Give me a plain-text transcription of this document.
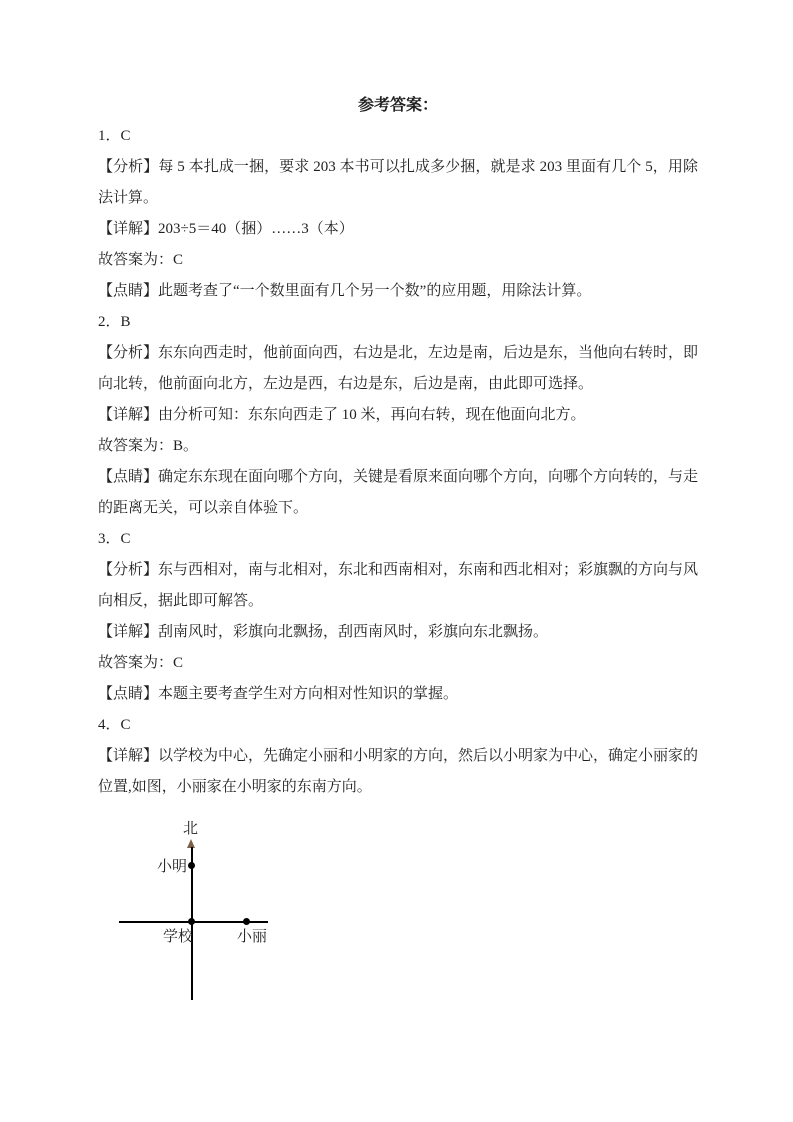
参考答案：

1．C

【分析】每 5 本扎成一捆，要求 203 本书可以扎成多少捆，就是求 203 里面有几个 5，用除法计算。

【详解】203÷5＝40（捆）……3（本）

故答案为：C

【点睛】此题考查了“一个数里面有几个另一个数”的应用题，用除法计算。

2．B

【分析】东东向西走时，他前面向西，右边是北，左边是南，后边是东，当他向右转时，即向北转，他前面向北方，左边是西，右边是东，后边是南，由此即可选择。

【详解】由分析可知：东东向西走了 10 米，再向右转，现在他面向北方。

故答案为：B。

【点睛】确定东东现在面向哪个方向，关键是看原来面向哪个方向，向哪个方向转的，与走的距离无关，可以亲自体验下。

3．C

【分析】东与西相对，南与北相对，东北和西南相对，东南和西北相对；彩旗飘的方向与风向相反，据此即可解答。

【详解】刮南风时，彩旗向北飘扬，刮西南风时，彩旗向东北飘扬。

故答案为：C

【点睛】本题主要考查学生对方向相对性知识的掌握。

4．C

【详解】以学校为中心，先确定小丽和小明家的方向，然后以小明家为中心，确定小丽家的位置,如图，小丽家在小明家的东南方向。

北
小明
学校	小丽
